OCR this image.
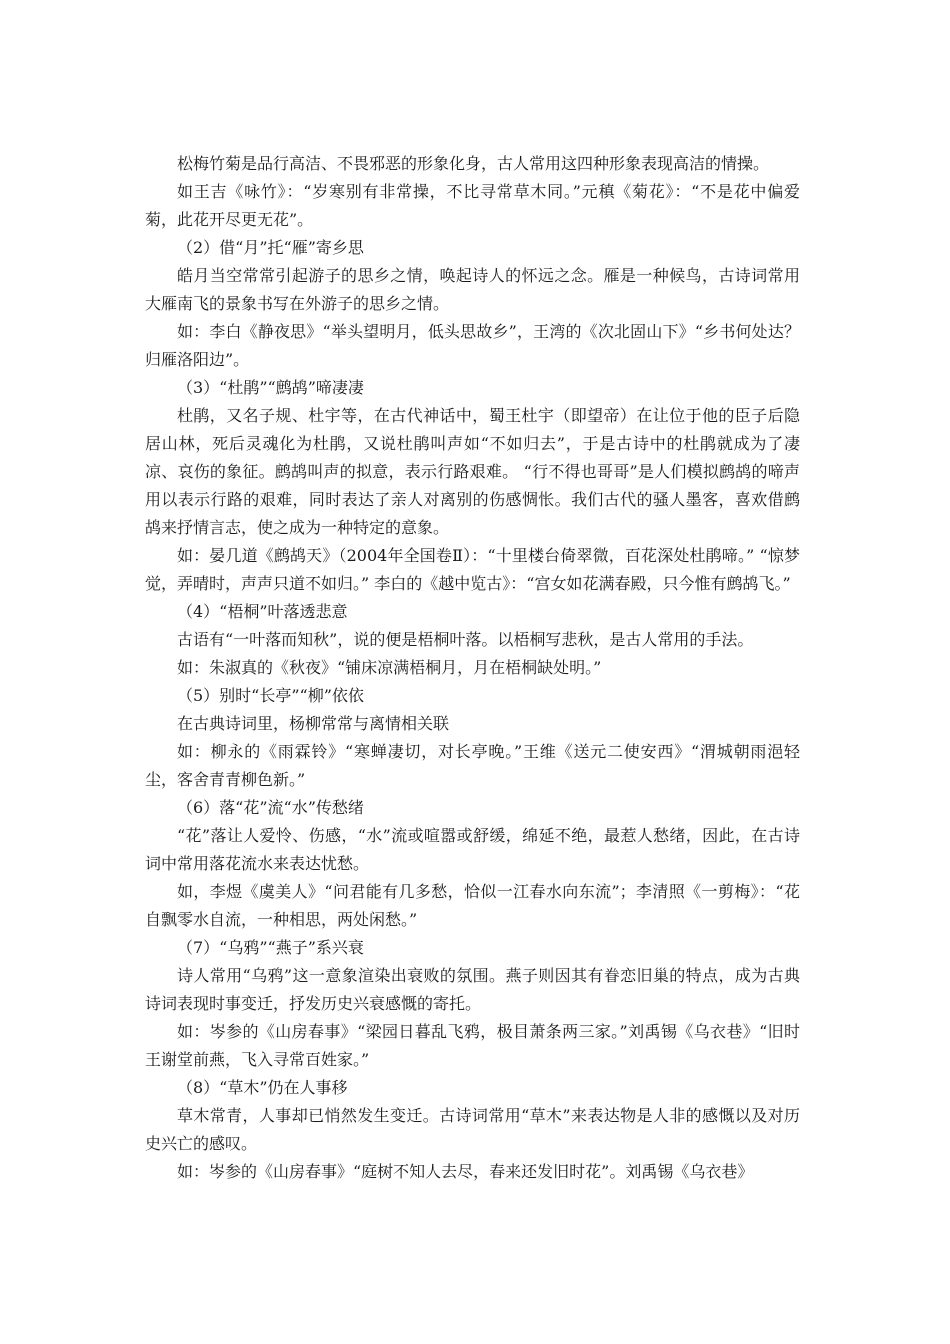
松梅竹菊是品行高洁、不畏邪恶的形象化身，古人常用这四种形象表现高洁的情操。

如王吉《咏竹》：“岁寒别有非常操，不比寻常草木同。”元稹《菊花》：“不是花中偏爱菊，此花开尽更无花”。

（2）借“月”托“雁”寄乡思

皓月当空常常引起游子的思乡之情，唤起诗人的怀远之念。雁是一种候鸟，古诗词常用大雁南飞的景象书写在外游子的思乡之情。

如：李白《静夜思》“举头望明月，低头思故乡”，王湾的《次北固山下》“乡书何处达？归雁洛阳边”。

（3）“杜鹃”“鹧鸪”啼凄凄

杜鹃，又名子规、杜宇等，在古代神话中，蜀王杜宇（即望帝）在让位于他的臣子后隐居山林，死后灵魂化为杜鹃，又说杜鹃叫声如“不如归去”，于是古诗中的杜鹃就成为了凄凉、哀伤的象征。鹧鸪叫声的拟意，表示行路艰难。 “行不得也哥哥”是人们模拟鹧鸪的啼声用以表示行路的艰难，同时表达了亲人对离别的伤感惆怅。我们古代的骚人墨客，喜欢借鹧鸪来抒情言志，使之成为一种特定的意象。

如：晏几道《鹧鸪天》（2004年全国卷Ⅱ）：“十里楼台倚翠微，百花深处杜鹃啼。” “惊梦觉，弄晴时，声声只道不如归。” 李白的《越中览古》：“宫女如花满春殿，只今惟有鹧鸪飞。”

（4）“梧桐”叶落透悲意

古语有“一叶落而知秋”，说的便是梧桐叶落。以梧桐写悲秋，是古人常用的手法。

如：朱淑真的《秋夜》“铺床凉满梧桐月，月在梧桐缺处明。”

（5）别时“长亭”“柳”依依

在古典诗词里，杨柳常常与离情相关联

如：柳永的《雨霖铃》“寒蝉凄切，对长亭晚。”王维《送元二使安西》“渭城朝雨浥轻尘，客舍青青柳色新。”

（6）落“花”流“水”传愁绪

“花”落让人爱怜、伤感，“水”流或喧嚣或舒缓，绵延不绝，最惹人愁绪，因此，在古诗词中常用落花流水来表达忧愁。

如，李煜《虞美人》“问君能有几多愁，恰似一江春水向东流”；李清照《一剪梅》：“花自飘零水自流，一种相思，两处闲愁。”

（7）“乌鸦”“燕子”系兴衰

诗人常用“乌鸦”这一意象渲染出衰败的氛围。燕子则因其有眷恋旧巢的特点，成为古典诗词表现时事变迁，抒发历史兴衰感慨的寄托。

如：岑参的《山房春事》“梁园日暮乱飞鸦，极目萧条两三家。”刘禹锡《乌衣巷》“旧时王谢堂前燕，飞入寻常百姓家。”

（8）“草木”仍在人事移

草木常青，人事却已悄然发生变迁。古诗词常用“草木”来表达物是人非的感慨以及对历史兴亡的感叹。

如：岑参的《山房春事》“庭树不知人去尽，春来还发旧时花”。刘禹锡《乌衣巷》
